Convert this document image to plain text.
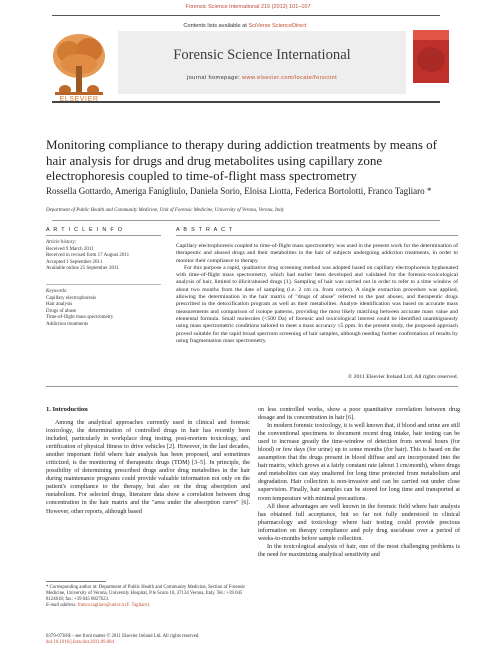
Forensic Science International 216 (2012) 101–107
Contents lists available at SciVerse ScienceDirect
ELSEVIER
Forensic Science International
journal homepage: www.elsevier.com/locate/forsciint
Monitoring compliance to therapy during addiction treatments by means of hair analysis for drugs and drug metabolites using capillary zone electrophoresis coupled to time-of-flight mass spectrometry
Rossella Gottardo, Ameriga Fanigliulo, Daniela Sorio, Eloisa Liotta, Federica Bortolotti, Franco Tagliaro *
Department of Public Health and Community Medicine, Unit of Forensic Medicine, University of Verona, Verona, Italy
A R T I C L E I N F O
Article history:
Received 9 March 2011
Received in revised form 17 August 2011
Accepted 1 September 2011
Available online 25 September 2011
Keywords:
Capillary electrophoresis
Hair analysis
Drugs of abuse
Time-of-flight mass spectrometry
Addiction treatments
A B S T R A C T

Capillary electrophoresis coupled to time-of-flight mass spectrometry was used in the present work for the determination of therapeutic and abused drugs and their metabolites in the hair of subjects undergoing addiction treatments, in order to monitor their compliance to therapy.

For this purpose a rapid, qualitative drug screening method was adopted based on capillary electrophoresis hyphenated with time-of-flight mass spectrometry, which had earlier been developed and validated for the forensic-toxicological analysis of hair, limited to illicit/abused drugs [1]. Sampling of hair was carried out in order to refer to a time window of about two months from the date of sampling (i.e. 2 cm ca. from cortex). A single extraction procedure was applied, allowing the determination in the hair matrix of "drugs of abuse" referred to the past abuses, and therapeutic drugs prescribed in the detoxification program as well as their metabolites. Analyte identification was based on accurate mass measurements and comparison of isotope patterns, providing the most likely matching between accurate mass value and elemental formula. Small molecules (<500 Da) of forensic and toxicological interest could be identified unambiguously using mass spectrometric conditions tailored to meet a mass accuracy ≤5 ppm. In the present study, the proposed approach proved suitable for the rapid broad spectrum screening of hair samples, although needing further confirmation of results by using fragmentation mass spectrometry.

© 2011 Elsevier Ireland Ltd. All rights reserved.
1. Introduction

Among the analytical approaches currently used in clinical and forensic toxicology, the determination of controlled drugs in hair has recently been included, particularly in workplace drug testing, post-mortem toxicology, and certification of physical fitness to drive vehicles [2]. However, in the last decades, another important field where hair analysis has been proposed, and sometimes criticized, is the monitoring of therapeutic drugs (TDM) [3–5]. In principle, the possibility of determining prescribed drugs and/or drug metabolites in the hair during maintenance programs could provide valuable information not only on the patient's compliance to the therapy, but also on the drug absorption and metabolism. For selected drugs, literature data show a correlation between drug concentration in the hair matrix and the "area under the absorption curve" [6]. However, other reports, although based

on less controlled works, show a poor quantitative correlation between drug dosage and its concentration in hair [6].

In modern forensic toxicology, it is well known that, if blood and urine are still the conventional specimens to document recent drug intake, hair testing can be used to increase greatly the time-window of detection from several hours (for blood) or few days (for urine) up to some months (for hair). This is based on the assumption that the drugs present in blood diffuse and are incorporated into the hair matrix, which grows at a fairly constant rate (about 1 cm/month), where drugs and metabolites can stay unaltered for long time protected from metabolism and degradation. Hair collection is non-invasive and can be carried out under close supervision. Finally, hair samples can be stored for long time and transported at room temperature with minimal precautions.

All these advantages are well known in the forensic field where hair analysis has obtained full acceptance, but so far not fully understood in clinical pharmacology and toxicology where hair testing could provide precious information on therapy compliance and poly drug use/abuse over a period of weeks-to-months before sample collection.

In the toxicological analysis of hair, one of the most challenging problems is the need for maximizing analytical sensitivity and

* Corresponding author at: Department of Public Health and Community Medicine, Section of Forensic Medicine, University of Verona, University Hospital, P.le Scuro 10, 37134 Verona, Italy. Tel.: +39 045 8124618; fax: +39 045 8027623.
E-mail address: franco.tagliaro@univr.it (F. Tagliaro).
0379-0738/$ – see front matter © 2011 Elsevier Ireland Ltd. All rights reserved.
doi:10.1016/j.forsciint.2011.09.004
